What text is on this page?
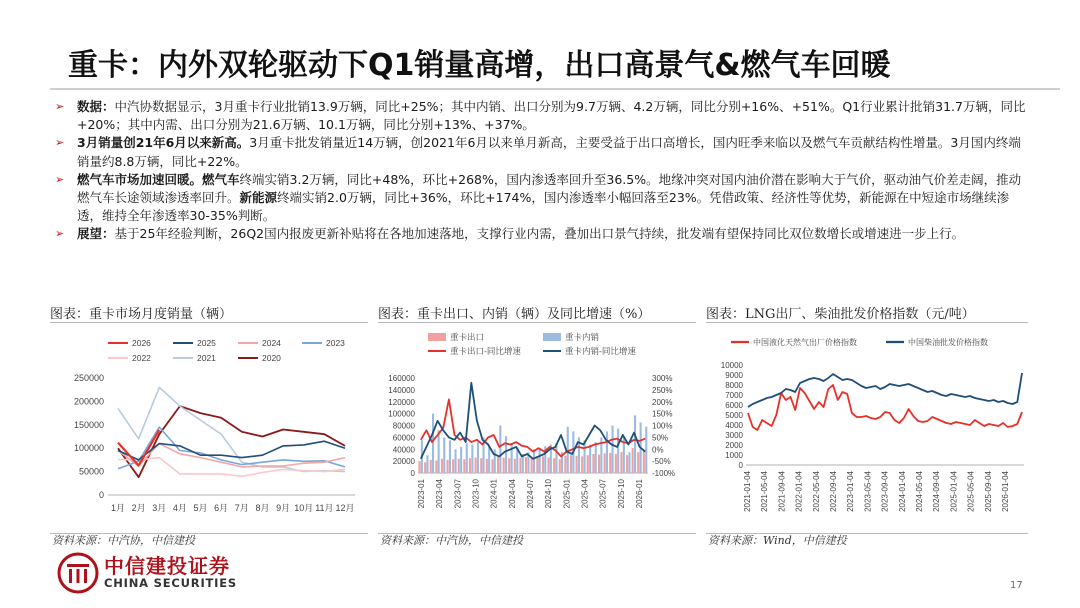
重卡：内外双轮驱动下Q1销量高增，出口高景气&燃气车回暖

➢ 数据：中汽协数据显示，3月重卡行业批销13.9万辆，同比+25%；其中内销、出口分别为9.7万辆、4.2万辆，同比分别+16%、+51%。Q1行业累计批销31.7万辆，同比+20%；其中内需、出口分别为21.6万辆、10.1万辆，同比分别+13%、+37%。

➢ 3月销量创21年6月以来新高。3月重卡批发销量近14万辆，创2021年6月以来单月新高，主要受益于出口高增长，国内旺季来临以及燃气车贡献结构性增量。3月国内终端销量约8.8万辆，同比+22%。

➢ 燃气车市场加速回暖。燃气车终端实销3.2万辆，同比+48%，环比+268%，国内渗透率回升至36.5%。地缘冲突对国内油价潜在影响大于气价，驱动油气价差走阔，推动燃气车长途领域渗透率回升。新能源终端实销2.0万辆，同比+36%，环比+174%，国内渗透率小幅回落至23%。凭借政策、经济性等优势，新能源在中短途市场继续渗透，维持全年渗透率30-35%判断。

➢ 展望：基于25年经验判断，26Q2国内报废更新补贴将在各地加速落地，支撑行业内需，叠加出口景气持续，批发端有望保持同比双位数增长或增速进一步上行。

图表：重卡市场月度销量（辆）	图表：重卡出口、内销（辆）及同比增速（%）	图表：LNG出厂、柴油批发价格指数（元/吨）
0
50000
100000
150000
200000
250000
1月 2月 3月 4月 5月 6月 7月 8月 9月 10月 11月 12月
2026	2025	2024	2023
2022	2021	2020
0
20000
40000
60000
80000
100000
120000
140000
160000
-100%
-50%
0%
50%
100%
150%
200%
250%
300%
2023-01 2023-04 2023-07 2023-10 2024-01 2024-04 2024-07 2024-10 2025-01 2025-04 2025-07 2025-10 2026-01
重卡出口	重卡内销
重卡出口-同比增速	重卡内销-同比增速
0
1000
2000
3000
4000
5000
6000
7000
8000
9000
10000
2021-01-04 2021-05-04 2021-09-04 2022-01-04 2022-05-04 2022-09-04 2023-01-04 2023-05-04 2023-09-04 2024-01-04 2024-05-04 2024-09-04 2025-01-04 2025-05-04 2025-09-04 2026-01-04
中国液化天然气出厂价格指数	中国柴油批发价格指数
资料来源：中汽协，中信建投	资料来源：中汽协，中信建投	资料来源：Wind，中信建投
中信建投证券
CHINA SECURITIES	17
